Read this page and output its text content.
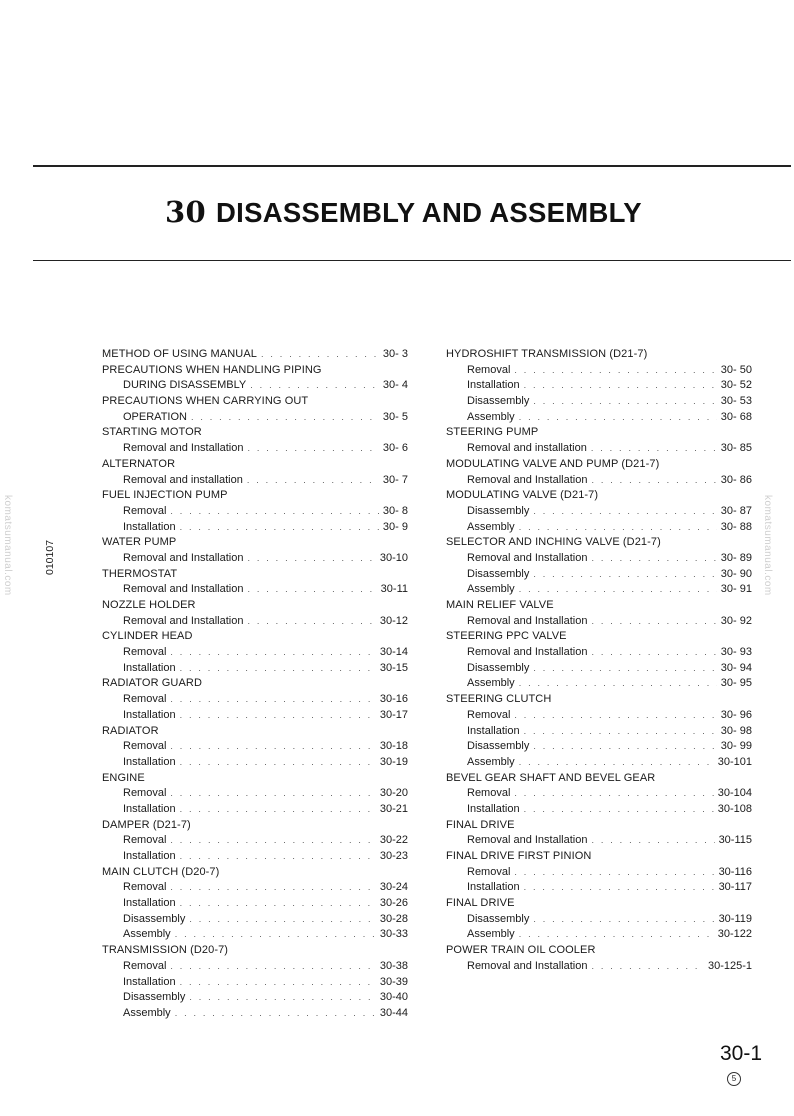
30 DISASSEMBLY AND ASSEMBLY
komatsumanual.com	komatsumanual.com
010107
METHOD OF USING MANUAL . . .	30- 3
PRECAUTIONS WHEN HANDLING PIPING
DURING DISASSEMBLY . . .	30- 4
PRECAUTIONS WHEN CARRYING OUT
OPERATION . . .	30- 5
STARTING MOTOR
Removal and Installation . . .	30- 6
ALTERNATOR
Removal and installation . . .	30- 7
FUEL INJECTION PUMP
Removal . . .	30- 8
Installation . . .	30- 9
WATER PUMP
Removal and Installation . . .	30-10
THERMOSTAT
Removal and Installation . . .	30-11
NOZZLE HOLDER
Removal and Installation . . .	30-12
CYLINDER HEAD
Removal . . .	30-14
Installation . . .	30-15
RADIATOR GUARD
Removal . . .	30-16
Installation . . .	30-17
RADIATOR
Removal . . .	30-18
Installation . . .	30-19
ENGINE
Removal . . .	30-20
Installation . . .	30-21
DAMPER (D21-7)
Removal . . .	30-22
Installation . . .	30-23
MAIN CLUTCH (D20-7)
Removal . . .	30-24
Installation . . .	30-26
Disassembly . . .	30-28
Assembly . . .	30-33
TRANSMISSION (D20-7)
Removal . . .	30-38
Installation . . .	30-39
Disassembly . . .	30-40
Assembly . . .	30-44
HYDROSHIFT TRANSMISSION (D21-7)
Removal . . .	30- 50
Installation . . .	30- 52
Disassembly . . .	30- 53
Assembly . . .	30- 68
STEERING PUMP
Removal and installation . . .	30- 85
MODULATING VALVE AND PUMP (D21-7)
Removal and Installation . . .	30- 86
MODULATING VALVE (D21-7)
Disassembly . . .	30- 87
Assembly . . .	30- 88
SELECTOR AND INCHING VALVE (D21-7)
Removal and Installation . . .	30- 89
Disassembly . . .	30- 90
Assembly . . .	30- 91
MAIN RELIEF VALVE
Removal and Installation . . .	30- 92
STEERING PPC VALVE
Removal and Installation . . .	30- 93
Disassembly . . .	30- 94
Assembly . . .	30- 95
STEERING CLUTCH
Removal . . .	30- 96
Installation . . .	30- 98
Disassembly . . .	30- 99
Assembly . . .	30-101
BEVEL GEAR SHAFT AND BEVEL GEAR
Removal . . .	30-104
Installation . . .	30-108
FINAL DRIVE
Removal and Installation . . .	30-115
FINAL DRIVE FIRST PINION
Removal . . .	30-116
Installation . . .	30-117
FINAL DRIVE
Disassembly . . .	30-119
Assembly . . .	30-122
POWER TRAIN OIL COOLER
Removal and Installation . . .	30-125-1
30-1
5
